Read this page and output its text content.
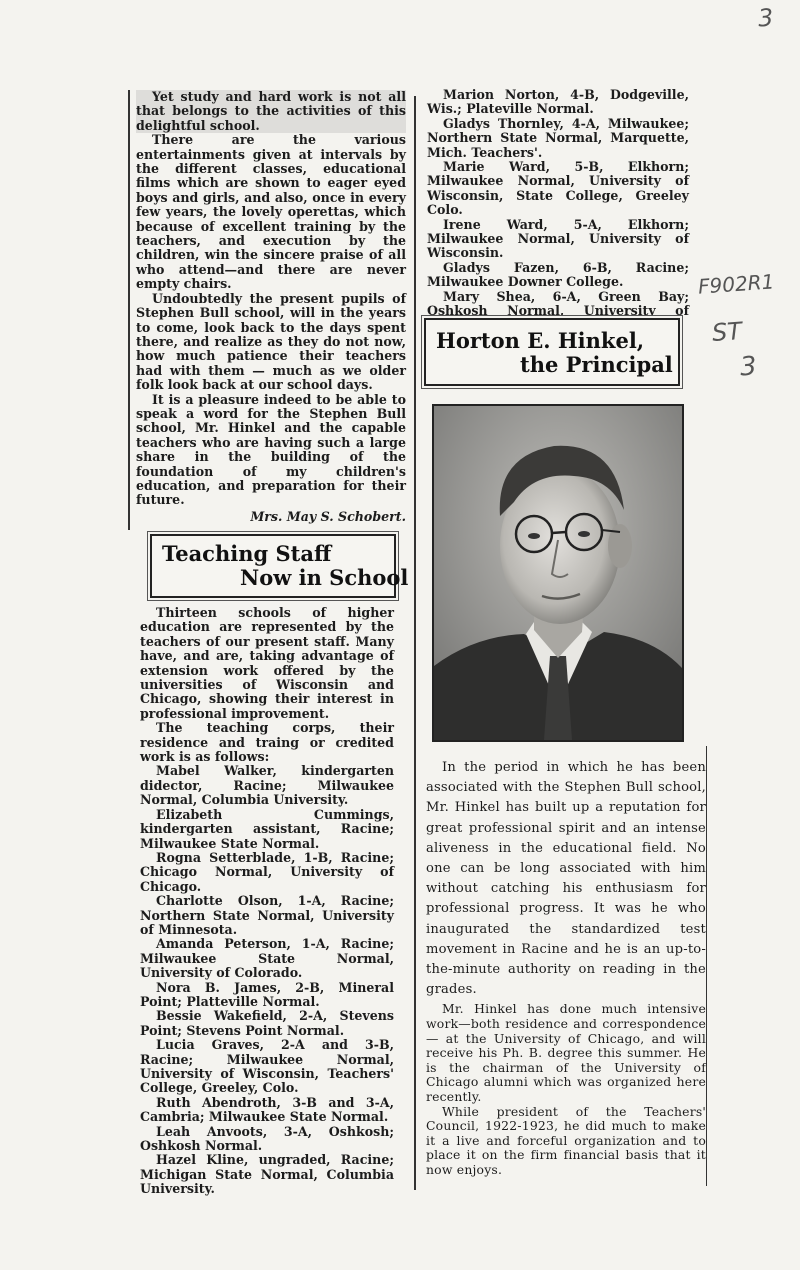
3
F902R1
ST
3

Yet study and hard work is not all that belongs to the activities of this delightful school.

There are the various entertainments given at intervals by the different classes, educational films which are shown to eager eyed boys and girls, and also, once in every few years, the lovely operettas, which because of excellent training by the teachers, and execution by the children, win the sincere praise of all who attend—and there are never empty chairs.

Undoubtedly the present pupils of Stephen Bull school, will in the years to come, look back to the days spent there, and realize as they do not now, how much patience their teachers had with them — much as we older folk look back at our school days.

It is a pleasure indeed to be able to speak a word for the Stephen Bull school, Mr. Hinkel and the capable teachers who are having such a large share in the building of the foundation of my children's education, and preparation for their future.

Mrs. May S. Schobert.

Teaching Staff
Now in School

Thirteen schools of higher education are represented by the teachers of our present staff. Many have, and are, taking advantage of extension work offered by the universities of Wisconsin and Chicago, showing their interest in professional improvement.

The teaching corps, their residence and traing or credited work is as follows:

Mabel Walker, kindergarten didector, Racine; Milwaukee Normal, Columbia University.

Elizabeth Cummings, kindergarten assistant, Racine; Milwaukee State Normal.

Rogna Setterblade, 1-B, Racine; Chicago Normal, University of Chicago.

Charlotte Olson, 1-A, Racine; Northern State Normal, University of Minnesota.

Amanda Peterson, 1-A, Racine; Milwaukee State Normal, University of Colorado.

Nora B. James, 2-B, Mineral Point; Platteville Normal.

Bessie Wakefield, 2-A, Stevens Point; Stevens Point Normal.

Lucia Graves, 2-A and 3-B, Racine; Milwaukee Normal, University of Wisconsin, Teachers' College, Greeley, Colo.

Ruth Abendroth, 3-B and 3-A, Cambria; Milwaukee State Normal.

Leah Anvoots, 3-A, Oshkosh; Oshkosh Normal.

Hazel Kline, ungraded, Racine; Michigan State Normal, Columbia University.

Marion Norton, 4-B, Dodgeville, Wis.; Plateville Normal.

Gladys Thornley, 4-A, Milwaukee; Northern State Normal, Marquette, Mich. Teachers'.

Marie Ward, 5-B, Elkhorn; Milwaukee Normal, University of Wisconsin, State College, Greeley Colo.

Irene Ward, 5-A, Elkhorn; Milwaukee Normal, University of Wisconsin.

Gladys Fazen, 6-B, Racine; Milwaukee Downer College.

Mary Shea, 6-A, Green Bay; Oshkosh Normal, University of

Horton E. Hinkel,
the Principal

In the period in which he has been associated with the Stephen Bull school, Mr. Hinkel has built up a reputation for great professional spirit and an intense aliveness in the educational field. No one can be long associated with him without catching his enthusiasm for professional progress. It was he who inaugurated the standardized test movement in Racine and he is an up-to-the-minute authority on reading in the grades.

Mr. Hinkel has done much intensive work—both residence and correspondence— at the University of Chicago, and will receive his Ph. B. degree this summer. He is the chairman of the University of Chicago alumni which was organized here recently.

While president of the Teachers' Council, 1922-1923, he did much to make it a live and forceful organization and to place it on the firm financial basis that it now enjoys.
